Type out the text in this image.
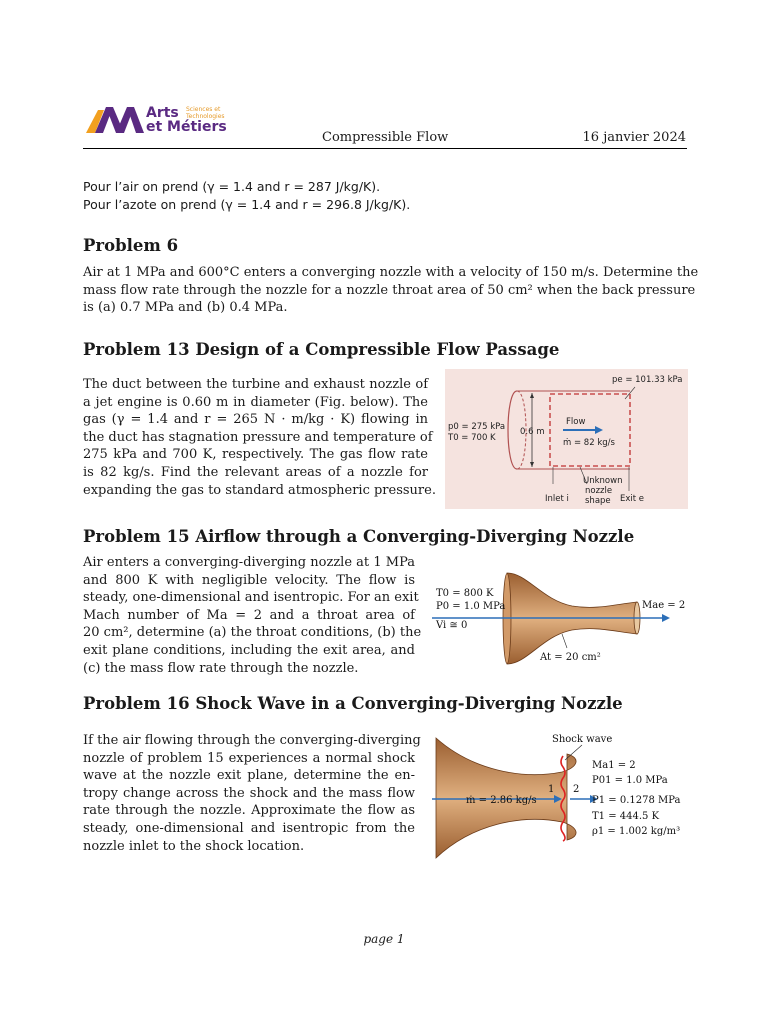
Arts Sciences et
Technologies
et Métiers
Compressible Flow	16 janvier 2024
Pour l’air on prend (γ = 1.4 and r = 287 J/kg/K).
Pour l’azote on prend (γ = 1.4 and r = 296.8 J/kg/K).
Problem 6
Air at 1 MPa and 600°C enters a converging nozzle with a velocity of 150 m/s. Determine the
mass flow rate through the nozzle for a nozzle throat area of 50 cm² when the back pressure
is (a) 0.7 MPa and (b) 0.4 MPa.
Problem 13 Design of a Compressible Flow Passage
The duct between the turbine and exhaust nozzle of
a jet engine is 0.60 m in diameter (Fig. below). The
gas (γ = 1.4 and r = 265 N · m/kg · K) flowing in
the duct has stagnation pressure and temperature of
275 kPa and 700 K, respectively. The gas flow rate
is 82 kg/s. Find the relevant areas of a nozzle for
expanding the gas to standard atmospheric pressure.
pe = 101.33 kPa
p0 = 275 kPa
T0 = 700 K
0.6 m
Flow
ṁ = 82 kg/s
Unknown
nozzle
shape
Inlet i	Exit e
Problem 15 Airflow through a Converging-Diverging Nozzle
Air enters a converging-diverging nozzle at 1 MPa
and 800 K with negligible velocity. The flow is
steady, one-dimensional and isentropic. For an exit
Mach number of Ma = 2 and a throat area of
20 cm², determine (a) the throat conditions, (b) the
exit plane conditions, including the exit area, and
(c) the mass flow rate through the nozzle.
T0 = 800 K
P0 = 1.0 MPa
Vi ≅ 0
Mae = 2
At = 20 cm²
Problem 16 Shock Wave in a Converging-Diverging Nozzle
If the air flowing through the converging-diverging
nozzle of problem 15 experiences a normal shock
wave at the nozzle exit plane, determine the en-
tropy change across the shock and the mass flow
rate through the nozzle. Approximate the flow as
steady, one-dimensional and isentropic from the
nozzle inlet to the shock location.
Shock wave
ṁ = 2.86 kg/s
1 2
Ma1 = 2
P01 = 1.0 MPa
P1 = 0.1278 MPa
T1 = 444.5 K
ρ1 = 1.002 kg/m³
page 1
